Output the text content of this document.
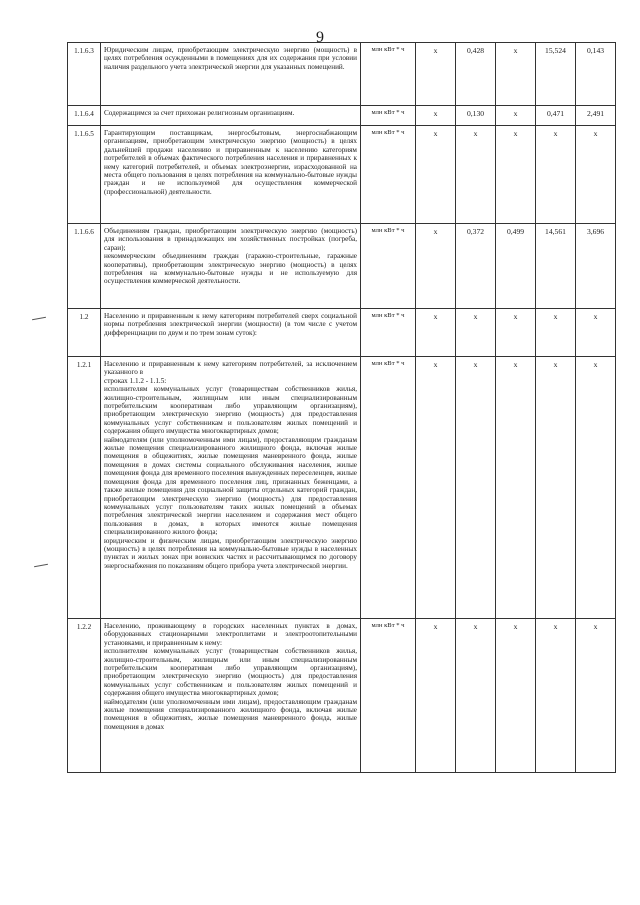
9
1.1.6.3	Юридическим лицам, приобретающим электрическую энергию (мощность) в целях потребления осужденными в помещениях для их содержания при условии наличия раздельного учета электрической энергии для указанных помещений.	млн кВт * ч	х	0,428	х	15,524	0,143
1.1.6.4	Содержащимся за счет прихожан религиозным организациям.	млн кВт * ч	х	0,130	х	0,471	2,491
1.1.6.5	Гарантирующим поставщикам, энергосбытовым, энергоснабжающим организациям, приобретающим электрическую энергию (мощность) в целях дальнейшей продажи населению и приравненным к населению категориям потребителей в объемах фактического потребления населения и приравненных к нему категорий потребителей, и объемах электроэнергии, израсходованной на места общего пользования в целях потребления на коммунально-бытовые нужды граждан и не используемой для осуществления коммерческой (профессиональной) деятельности.	млн кВт * ч	х	х	х	х	х
1.1.6.6	Объединениям граждан, приобретающим электрическую энергию (мощность) для использования в принадлежащих им хозяйственных постройках (погреба, сараи);

некоммерческим объединениям граждан (гаражно-строительные, гаражные кооперативы), приобретающим электрическую энергию (мощность) в целях потребления на коммунально-бытовые нужды и не используемую для осуществления коммерческой деятельности.	млн кВт * ч	х	0,372	0,499	14,561	3,696
1.2	Населению и приравненным к нему категориям потребителей сверх социальной нормы потребления электрической энергии (мощности) (в том числе с учетом дифференциации по двум и по трем зонам суток):	млн кВт * ч	х	х	х	х	х
1.2.1	Населению и приравненным к нему категориям потребителей, за исключением указанного в

строках 1.1.2 - 1.1.5:

исполнителям коммунальных услуг (товариществам собственников жилья, жилищно-строительным, жилищным или иным специализированным потребительским кооперативам либо управляющим организациям), приобретающим электрическую энергию (мощность) для предоставления коммунальных услуг собственникам и пользователям жилых помещений и содержания общего имущества многоквартирных домов;

наймодателям (или уполномоченным ими лицам), предоставляющим гражданам жилые помещения специализированного жилищного фонда, включая жилые помещения в общежитиях, жилые помещения маневренного фонда, жилые помещения в домах системы социального обслуживания населения, жилые помещения фонда для временного поселения вынужденных переселенцев, жилые помещения фонда для временного поселения лиц, признанных беженцами, а также жилые помещения для социальной защиты отдельных категорий граждан, приобретающим электрическую энергию (мощность) для предоставления коммунальных услуг пользователям таких жилых помещений в объемах потребления электрической энергии населением и содержания мест общего пользования в домах, в которых имеются жилые помещения специализированного жилого фонда;

юридическим и физическим лицам, приобретающим электрическую энергию (мощность) в целях потребления на коммунально-бытовые нужды в населенных пунктах и жилых зонах при воинских частях и рассчитывающимся по договору энергоснабжения по показаниям общего прибора учета электрической энергии.	млн кВт * ч	х	х	х	х	х
1.2.2	Населению, проживающему в городских населенных пунктах в домах, оборудованных стационарными электроплитами и электроотопительными установками, и приравненным к нему:

исполнителям коммунальных услуг (товариществам собственников жилья, жилищно-строительным, жилищным или иным специализированным потребительским кооперативам либо управляющим организациям), приобретающим электрическую энергию (мощность) для предоставления коммунальных услуг собственникам и пользователям жилых помещений и содержания общего имущества многоквартирных домов;

наймодателям (или уполномоченным ими лицам), предоставляющим гражданам жилые помещения специализированного жилищного фонда, включая жилые помещения в общежитиях, жилые помещения маневренного фонда, жилые помещения в домах	млн кВт * ч	х	х	х	х	х
